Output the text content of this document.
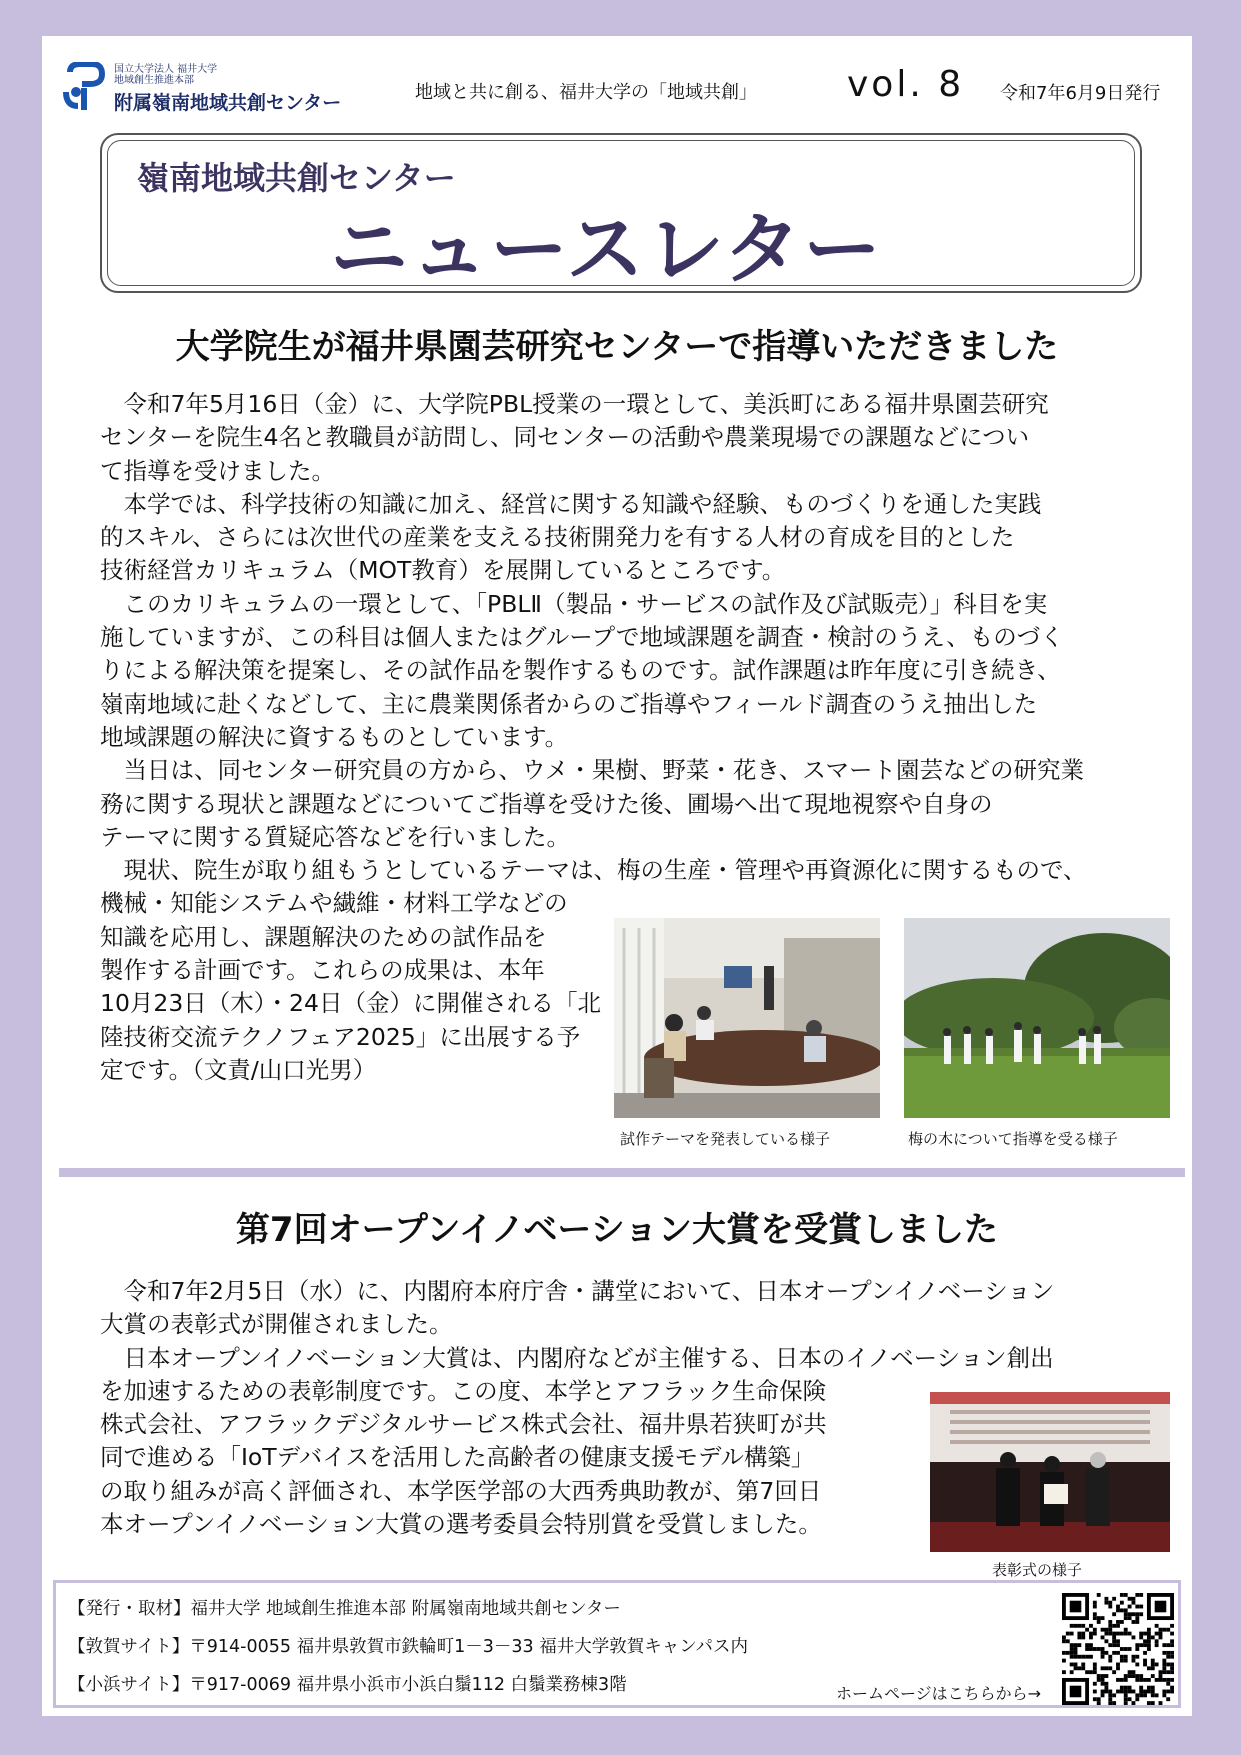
国立大学法人 福井大学
地域創生推進本部
附属嶺南地域共創センター	地域と共に創る、福井大学の「地域共創」	vol. 8 令和7年6月9日発行
嶺南地域共創センター
ニュースレター
大学院生が福井県園芸研究センターで指導いただきました

　令和7年5月16日（金）に、大学院PBL授業の一環として、美浜町にある福井県園芸研究

センターを院生4名と教職員が訪問し、同センターの活動や農業現場での課題などについ

て指導を受けました。

　本学では、科学技術の知識に加え、経営に関する知識や経験、ものづくりを通した実践

的スキル、さらには次世代の産業を支える技術開発力を有する人材の育成を目的とした

技術経営カリキュラム（MOT教育）を展開しているところです。

　このカリキュラムの一環として、「PBLⅡ（製品・サービスの試作及び試販売）」科目を実

施していますが、この科目は個人またはグループで地域課題を調査・検討のうえ、ものづく

りによる解決策を提案し、その試作品を製作するものです。試作課題は昨年度に引き続き、

嶺南地域に赴くなどして、主に農業関係者からのご指導やフィールド調査のうえ抽出した

地域課題の解決に資するものとしています。

　当日は、同センター研究員の方から、ウメ・果樹、野菜・花き、スマート園芸などの研究業

務に関する現状と課題などについてご指導を受けた後、圃場へ出て現地視察や自身の

テーマに関する質疑応答などを行いました。

　現状、院生が取り組もうとしているテーマは、梅の生産・管理や再資源化に関するもので、

機械・知能システムや繊維・材料工学などの

知識を応用し、課題解決のための試作品を

製作する計画です。これらの成果は、本年

10月23日（木）・24日（金）に開催される「北

陸技術交流テクノフェア2025」に出展する予

定です。（文責/山口光男）

試作テーマを発表している様子	梅の木について指導を受る様子
第7回オープンイノベーション大賞を受賞しました

　令和7年2月5日（水）に、内閣府本府庁舎・講堂において、日本オープンイノベーション

大賞の表彰式が開催されました。

　日本オープンイノベーション大賞は、内閣府などが主催する、日本のイノベーション創出

を加速するための表彰制度です。この度、本学とアフラック生命保険

株式会社、アフラックデジタルサービス株式会社、福井県若狭町が共

同で進める「IoTデバイスを活用した高齢者の健康支援モデル構築」

の取り組みが高く評価され、本学医学部の大西秀典助教が、第7回日

本オープンイノベーション大賞の選考委員会特別賞を受賞しました。

表彰式の様子
【発行・取材】福井大学 地域創生推進本部 附属嶺南地域共創センター
【敦賀サイト】〒914-0055 福井県敦賀市鉄輪町1－3－33 福井大学敦賀キャンパス内
【小浜サイト】〒917-0069 福井県小浜市小浜白鬚112 白鬚業務棟3階	ホームページはこちらから→
